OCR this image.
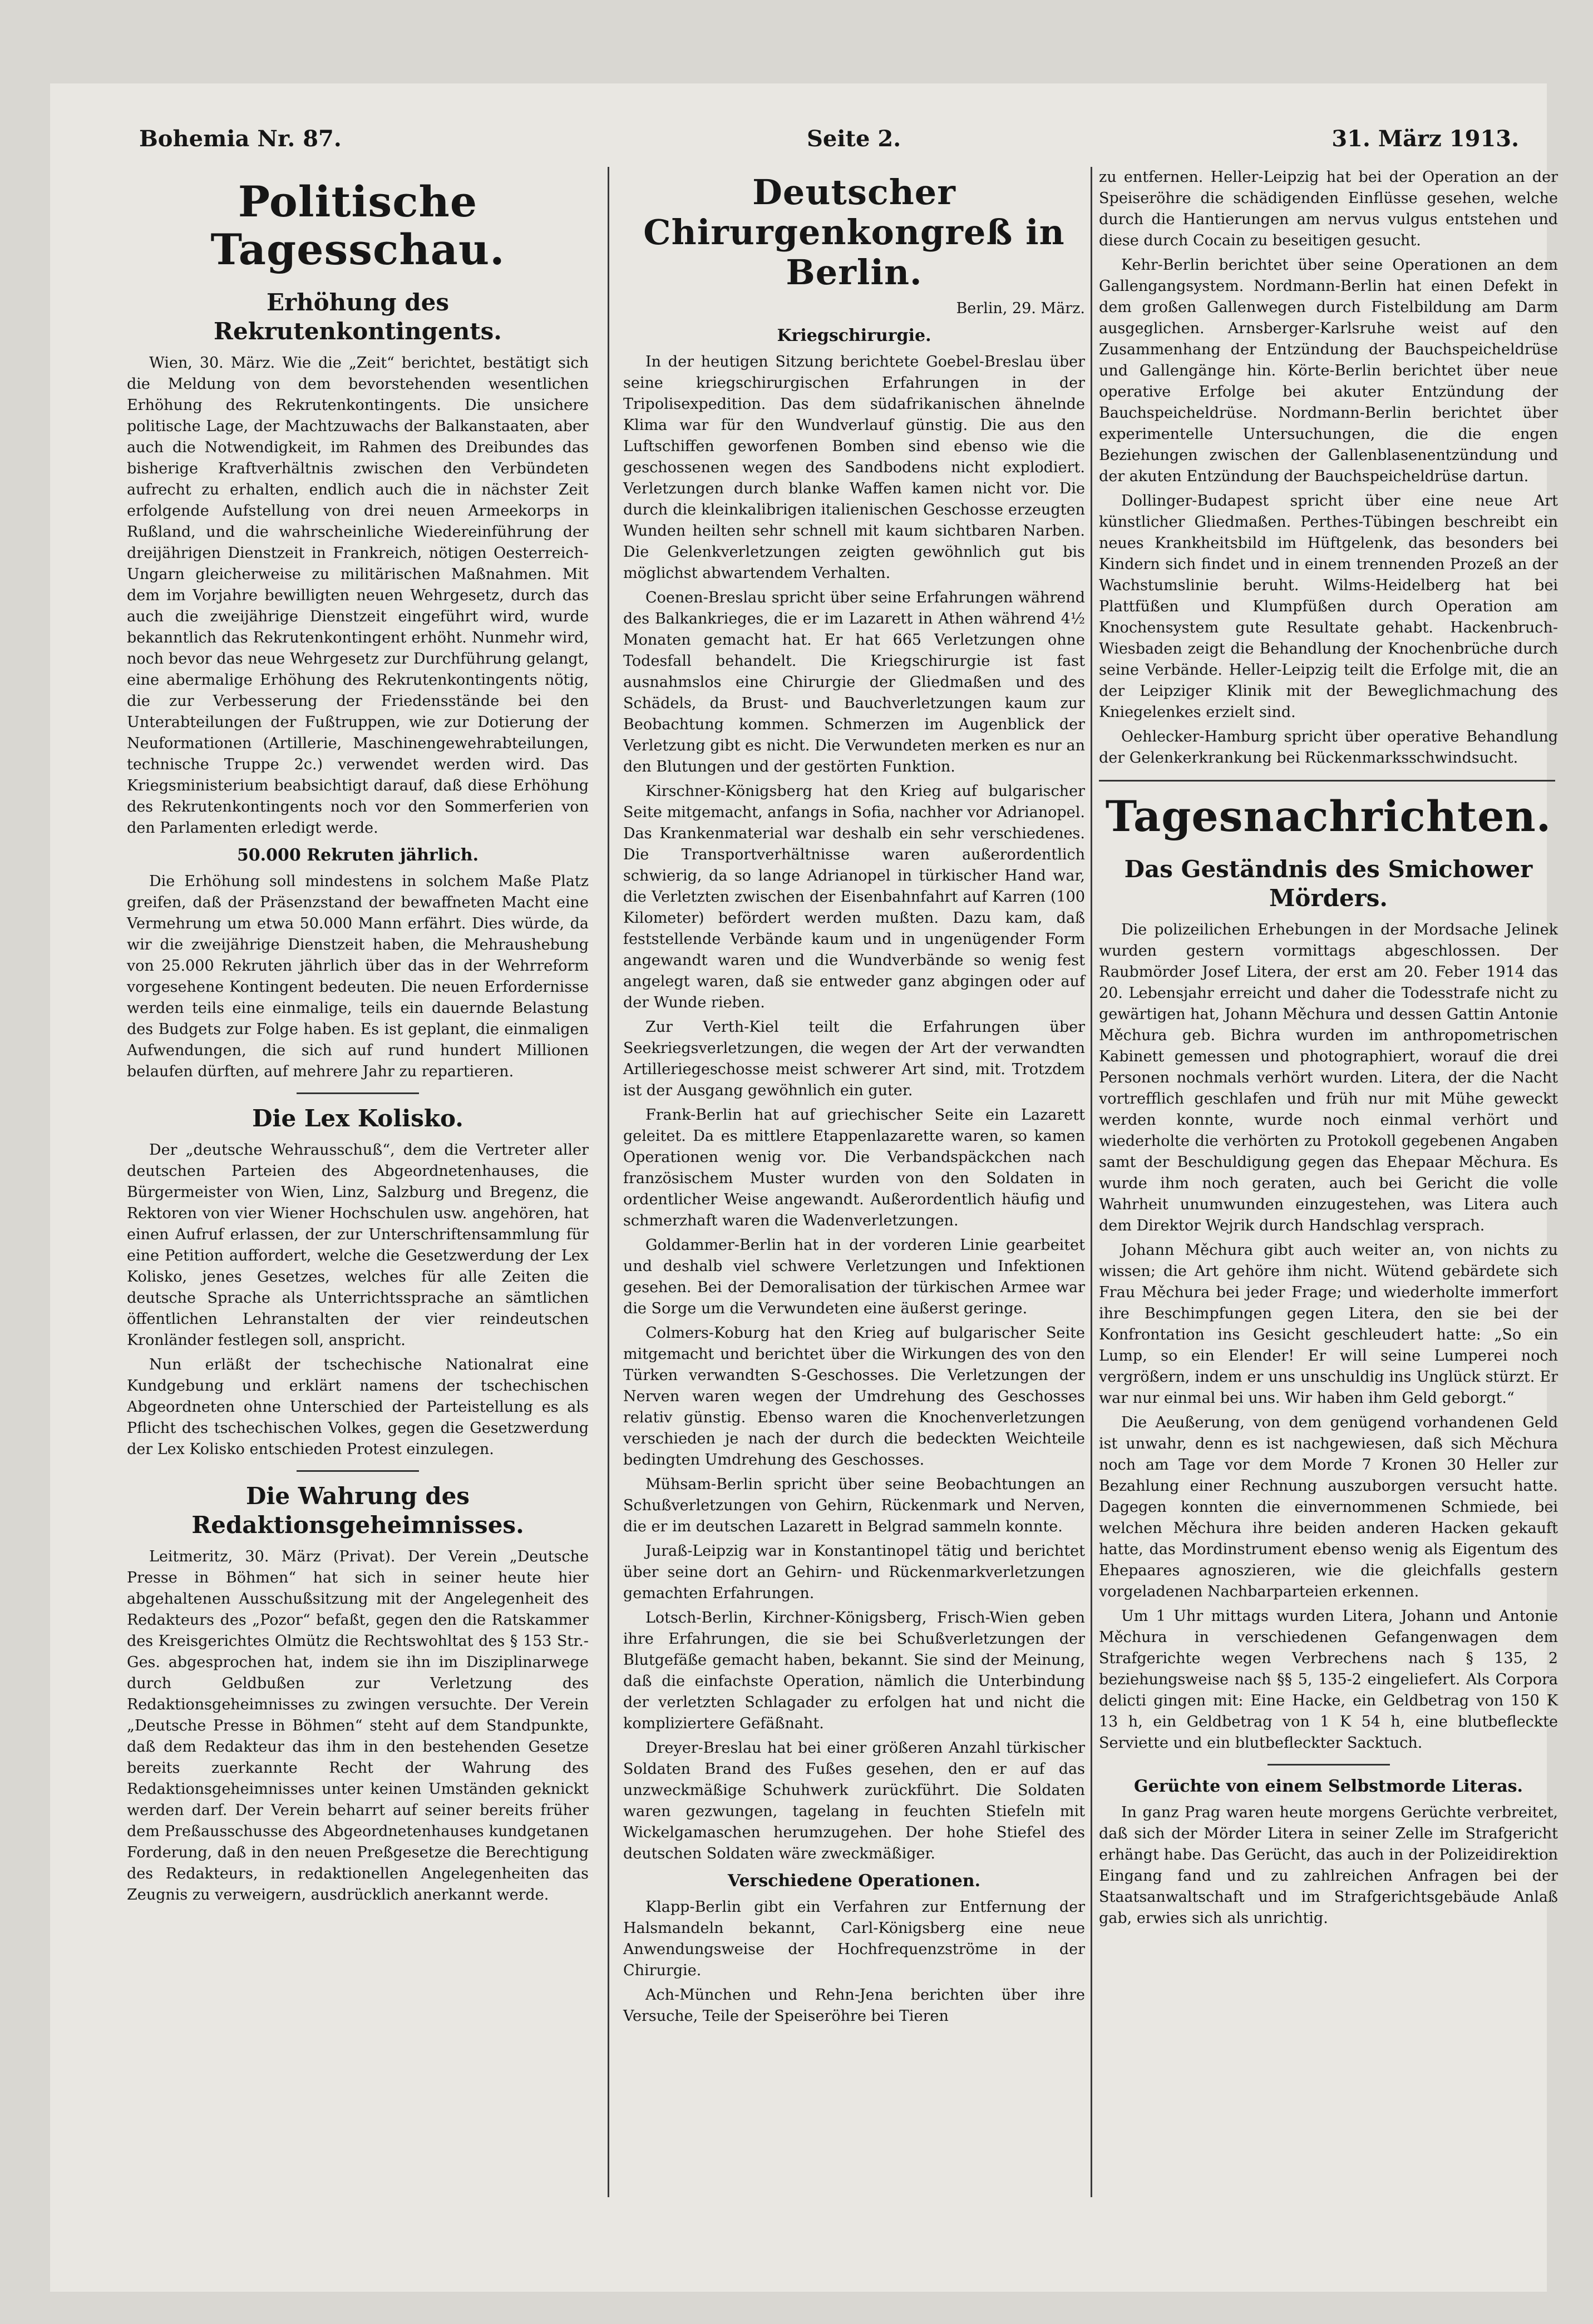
Bohemia Nr. 87.	Seite 2.	31. März 1913.
Politische Tagesschau.
Erhöhung des Rekrutenkontingents.

Wien, 30. März. Wie die „Zeit“ berichtet, bestätigt sich die Meldung von dem bevorstehenden wesentlichen Erhöhung des Rekrutenkontingents. Die unsichere politische Lage, der Machtzuwachs der Balkanstaaten, aber auch die Notwendigkeit, im Rahmen des Dreibundes das bisherige Kraftverhältnis zwischen den Verbündeten aufrecht zu erhalten, endlich auch die in nächster Zeit erfolgende Aufstellung von drei neuen Armeekorps in Rußland, und die wahrscheinliche Wiedereinführung der dreijährigen Dienstzeit in Frankreich, nötigen Oesterreich-Ungarn gleicherweise zu militärischen Maßnahmen. Mit dem im Vorjahre bewilligten neuen Wehrgesetz, durch das auch die zweijährige Dienstzeit eingeführt wird, wurde bekanntlich das Rekrutenkontingent erhöht. Nunmehr wird, noch bevor das neue Wehrgesetz zur Durchführung gelangt, eine abermalige Erhöhung des Rekrutenkontingents nötig, die zur Verbesserung der Friedensstände bei den Unterabteilungen der Fußtruppen, wie zur Dotierung der Neuformationen (Artillerie, Maschinengewehrabteilungen, technische Truppe 2c.) verwendet werden wird. Das Kriegsministerium beabsichtigt darauf, daß diese Erhöhung des Rekrutenkontingents noch vor den Sommerferien von den Parlamenten erledigt werde.

50.000 Rekruten jährlich.

Die Erhöhung soll mindestens in solchem Maße Platz greifen, daß der Präsenzstand der bewaffneten Macht eine Vermehrung um etwa 50.000 Mann erfährt. Dies würde, da wir die zweijährige Dienstzeit haben, die Mehraushebung von 25.000 Rekruten jährlich über das in der Wehrreform vorgesehene Kontingent bedeuten. Die neuen Erfordernisse werden teils eine einmalige, teils ein dauernde Belastung des Budgets zur Folge haben. Es ist geplant, die einmaligen Aufwendungen, die sich auf rund hundert Millionen belaufen dürften, auf mehrere Jahr zu repartieren.

Die Lex Kolisko.

Der „deutsche Wehrausschuß“, dem die Vertreter aller deutschen Parteien des Abgeordnetenhauses, die Bürgermeister von Wien, Linz, Salzburg und Bregenz, die Rektoren von vier Wiener Hochschulen usw. angehören, hat einen Aufruf erlassen, der zur Unterschriftensammlung für eine Petition auffordert, welche die Gesetzwerdung der Lex Kolisko, jenes Gesetzes, welches für alle Zeiten die deutsche Sprache als Unterrichtssprache an sämtlichen öffentlichen Lehranstalten der vier reindeutschen Kronländer festlegen soll, anspricht.

Nun erläßt der tschechische Nationalrat eine Kundgebung und erklärt namens der tschechischen Abgeordneten ohne Unterschied der Parteistellung es als Pflicht des tschechischen Volkes, gegen die Gesetzwerdung der Lex Kolisko entschieden Protest einzulegen.

Die Wahrung des Redaktionsgeheimnisses.

Leitmeritz, 30. März (Privat). Der Verein „Deutsche Presse in Böhmen“ hat sich in seiner heute hier abgehaltenen Ausschußsitzung mit der Angelegenheit des Redakteurs des „Pozor“ befaßt, gegen den die Ratskammer des Kreisgerichtes Olmütz die Rechtswohltat des § 153 Str.-Ges. abgesprochen hat, indem sie ihn im Disziplinarwege durch Geldbußen zur Verletzung des Redaktionsgeheimnisses zu zwingen versuchte. Der Verein „Deutsche Presse in Böhmen“ steht auf dem Standpunkte, daß dem Redakteur das ihm in den bestehenden Gesetze bereits zuerkannte Recht der Wahrung des Redaktionsgeheimnisses unter keinen Umständen geknickt werden darf. Der Verein beharrt auf seiner bereits früher dem Preßausschusse des Abgeordnetenhauses kundgetanen Forderung, daß in den neuen Preßgesetze die Berechtigung des Redakteurs, in redaktionellen Angelegenheiten das Zeugnis zu verweigern, ausdrücklich anerkannt werde.

Deutscher Chirurgenkongreß in Berlin.
Berlin, 29. März.
Kriegschirurgie.

In der heutigen Sitzung berichtete Goebel-Breslau über seine kriegschirurgischen Erfahrungen in der Tripolisexpedition. Das dem südafrikanischen ähnelnde Klima war für den Wundverlauf günstig. Die aus den Luftschiffen geworfenen Bomben sind ebenso wie die geschossenen wegen des Sandbodens nicht explodiert. Verletzungen durch blanke Waffen kamen nicht vor. Die durch die kleinkalibrigen italienischen Geschosse erzeugten Wunden heilten sehr schnell mit kaum sichtbaren Narben. Die Gelenkverletzungen zeigten gewöhnlich gut bis möglichst abwartendem Verhalten.

Coenen-Breslau spricht über seine Erfahrungen während des Balkankrieges, die er im Lazarett in Athen während 4½ Monaten gemacht hat. Er hat 665 Verletzungen ohne Todesfall behandelt. Die Kriegschirurgie ist fast ausnahmslos eine Chirurgie der Gliedmaßen und des Schädels, da Brust- und Bauchverletzungen kaum zur Beobachtung kommen. Schmerzen im Augenblick der Verletzung gibt es nicht. Die Verwundeten merken es nur an den Blutungen und der gestörten Funktion.

Kirschner-Königsberg hat den Krieg auf bulgarischer Seite mitgemacht, anfangs in Sofia, nachher vor Adrianopel. Das Krankenmaterial war deshalb ein sehr verschiedenes. Die Transportverhältnisse waren außerordentlich schwierig, da so lange Adrianopel in türkischer Hand war, die Verletzten zwischen der Eisenbahnfahrt auf Karren (100 Kilometer) befördert werden mußten. Dazu kam, daß feststellende Verbände kaum und in ungenügender Form angewandt waren und die Wundverbände so wenig fest angelegt waren, daß sie entweder ganz abgingen oder auf der Wunde rieben.

Zur Verth-Kiel teilt die Erfahrungen über Seekriegsverletzungen, die wegen der Art der verwandten Artilleriegeschosse meist schwerer Art sind, mit. Trotzdem ist der Ausgang gewöhnlich ein guter.

Frank-Berlin hat auf griechischer Seite ein Lazarett geleitet. Da es mittlere Etappenlazarette waren, so kamen Operationen wenig vor. Die Verbandspäckchen nach französischem Muster wurden von den Soldaten in ordentlicher Weise angewandt. Außerordentlich häufig und schmerzhaft waren die Wadenverletzungen.

Goldammer-Berlin hat in der vorderen Linie gearbeitet und deshalb viel schwere Verletzungen und Infektionen gesehen. Bei der Demoralisation der türkischen Armee war die Sorge um die Verwundeten eine äußerst geringe.

Colmers-Koburg hat den Krieg auf bulgarischer Seite mitgemacht und berichtet über die Wirkungen des von den Türken verwandten S-Geschosses. Die Verletzungen der Nerven waren wegen der Umdrehung des Geschosses relativ günstig. Ebenso waren die Knochenverletzungen verschieden je nach der durch die bedeckten Weichteile bedingten Umdrehung des Geschosses.

Mühsam-Berlin spricht über seine Beobachtungen an Schußverletzungen von Gehirn, Rückenmark und Nerven, die er im deutschen Lazarett in Belgrad sammeln konnte.

Juraß-Leipzig war in Konstantinopel tätig und berichtet über seine dort an Gehirn- und Rückenmarkverletzungen gemachten Erfahrungen.

Lotsch-Berlin, Kirchner-Königsberg, Frisch-Wien geben ihre Erfahrungen, die sie bei Schußverletzungen der Blutgefäße gemacht haben, bekannt. Sie sind der Meinung, daß die einfachste Operation, nämlich die Unterbindung der verletzten Schlagader zu erfolgen hat und nicht die kompliziertere Gefäßnaht.

Dreyer-Breslau hat bei einer größeren Anzahl türkischer Soldaten Brand des Fußes gesehen, den er auf das unzweckmäßige Schuhwerk zurückführt. Die Soldaten waren gezwungen, tagelang in feuchten Stiefeln mit Wickelgamaschen herumzugehen. Der hohe Stiefel des deutschen Soldaten wäre zweckmäßiger.

Verschiedene Operationen.

Klapp-Berlin gibt ein Verfahren zur Entfernung der Halsmandeln bekannt, Carl-Königsberg eine neue Anwendungsweise der Hochfrequenzströme in der Chirurgie.

Ach-München und Rehn-Jena berichten über ihre Versuche, Teile der Speiseröhre bei Tieren

zu entfernen. Heller-Leipzig hat bei der Operation an der Speiseröhre die schädigenden Einflüsse gesehen, welche durch die Hantierungen am nervus vulgus entstehen und diese durch Cocain zu beseitigen gesucht.

Kehr-Berlin berichtet über seine Operationen an dem Gallengangsystem. Nordmann-Berlin hat einen Defekt in dem großen Gallenwegen durch Fistelbildung am Darm ausgeglichen. Arnsberger-Karlsruhe weist auf den Zusammenhang der Entzündung der Bauchspeicheldrüse und Gallengänge hin. Körte-Berlin berichtet über neue operative Erfolge bei akuter Entzündung der Bauchspeicheldrüse. Nordmann-Berlin berichtet über experimentelle Untersuchungen, die die engen Beziehungen zwischen der Gallenblasenentzündung und der akuten Entzündung der Bauchspeicheldrüse dartun.

Dollinger-Budapest spricht über eine neue Art künstlicher Gliedmaßen. Perthes-Tübingen beschreibt ein neues Krankheitsbild im Hüftgelenk, das besonders bei Kindern sich findet und in einem trennenden Prozeß an der Wachstumslinie beruht. Wilms-Heidelberg hat bei Plattfüßen und Klumpfüßen durch Operation am Knochensystem gute Resultate gehabt. Hackenbruch-Wiesbaden zeigt die Behandlung der Knochenbrüche durch seine Verbände. Heller-Leipzig teilt die Erfolge mit, die an der Leipziger Klinik mit der Beweglichmachung des Kniegelenkes erzielt sind.

Oehlecker-Hamburg spricht über operative Behandlung der Gelenkerkrankung bei Rückenmarksschwindsucht.

Tagesnachrichten.
Das Geständnis des Smichower Mörders.

Die polizeilichen Erhebungen in der Mordsache Jelinek wurden gestern vormittags abgeschlossen. Der Raubmörder Josef Litera, der erst am 20. Feber 1914 das 20. Lebensjahr erreicht und daher die Todesstrafe nicht zu gewärtigen hat, Johann Měchura und dessen Gattin Antonie Měchura geb. Bichra wurden im anthropometrischen Kabinett gemessen und photographiert, worauf die drei Personen nochmals verhört wurden. Litera, der die Nacht vortrefflich geschlafen und früh nur mit Mühe geweckt werden konnte, wurde noch einmal verhört und wiederholte die verhörten zu Protokoll gegebenen Angaben samt der Beschuldigung gegen das Ehepaar Měchura. Es wurde ihm noch geraten, auch bei Gericht die volle Wahrheit unumwunden einzugestehen, was Litera auch dem Direktor Wejrik durch Handschlag versprach.

Johann Měchura gibt auch weiter an, von nichts zu wissen; die Art gehöre ihm nicht. Wütend gebärdete sich Frau Měchura bei jeder Frage; und wiederholte immerfort ihre Beschimpfungen gegen Litera, den sie bei der Konfrontation ins Gesicht geschleudert hatte: „So ein Lump, so ein Elender! Er will seine Lumperei noch vergrößern, indem er uns unschuldig ins Unglück stürzt. Er war nur einmal bei uns. Wir haben ihm Geld geborgt.“

Die Aeußerung, von dem genügend vorhandenen Geld ist unwahr, denn es ist nachgewiesen, daß sich Měchura noch am Tage vor dem Morde 7 Kronen 30 Heller zur Bezahlung einer Rechnung auszuborgen versucht hatte. Dagegen konnten die einvernommenen Schmiede, bei welchen Měchura ihre beiden anderen Hacken gekauft hatte, das Mordinstrument ebenso wenig als Eigentum des Ehepaares agnoszieren, wie die gleichfalls gestern vorgeladenen Nachbarparteien erkennen.

Um 1 Uhr mittags wurden Litera, Johann und Antonie Měchura in verschiedenen Gefangenwagen dem Strafgerichte wegen Verbrechens nach § 135, 2 beziehungsweise nach §§ 5, 135-2 eingeliefert. Als Corpora delicti gingen mit: Eine Hacke, ein Geldbetrag von 150 K 13 h, ein Geldbetrag von 1 K 54 h, eine blutbefleckte Serviette und ein blutbefleckter Sacktuch.

Gerüchte von einem Selbstmorde Literas.

In ganz Prag waren heute morgens Gerüchte verbreitet, daß sich der Mörder Litera in seiner Zelle im Strafgericht erhängt habe. Das Gerücht, das auch in der Polizeidirektion Eingang fand und zu zahlreichen Anfragen bei der Staatsanwaltschaft und im Strafgerichtsgebäude Anlaß gab, erwies sich als unrichtig.
